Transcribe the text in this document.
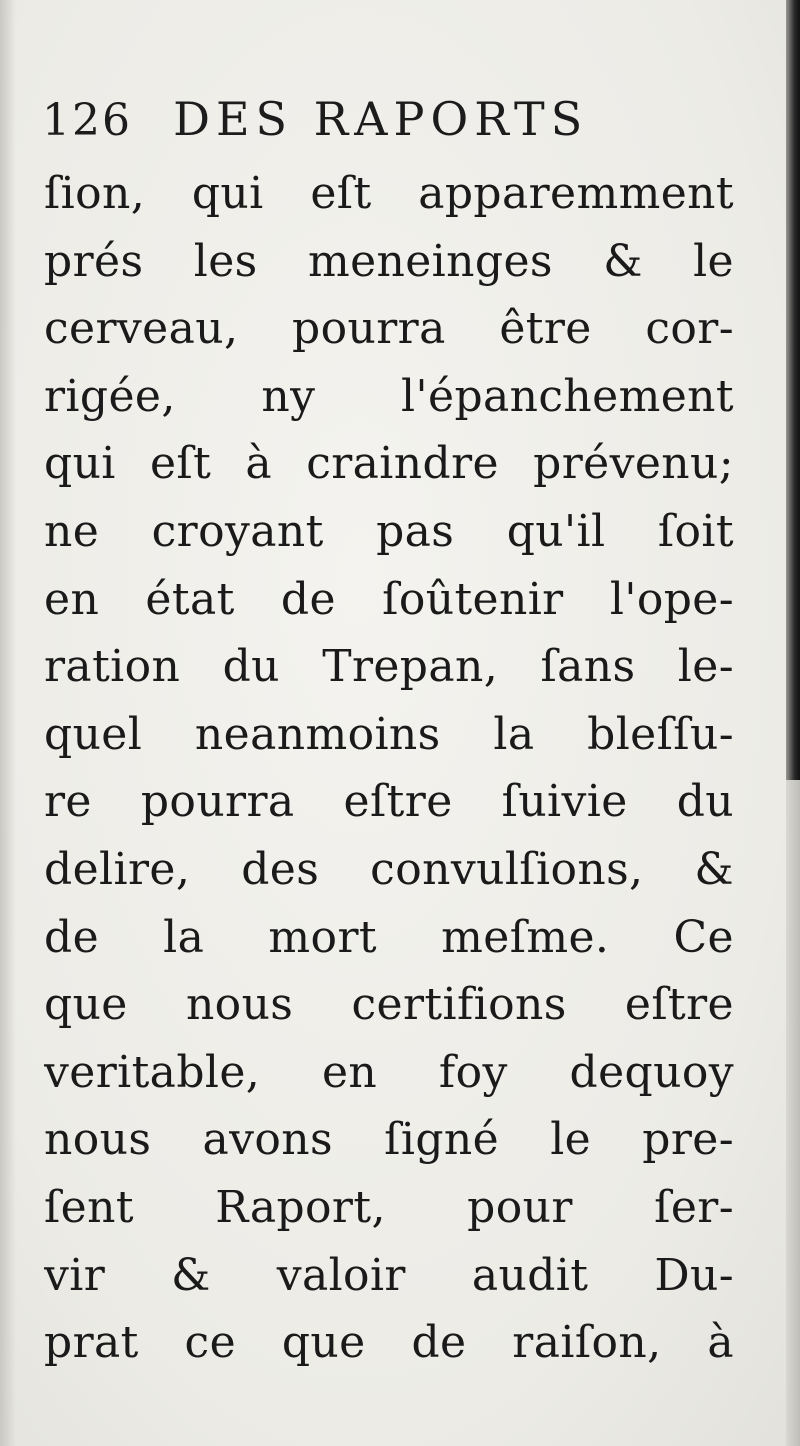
126 DES RAPORTS
ſion, qui eſt apparemment
prés les meneinges & le
cerveau, pourra être cor-
rigée, ny l'épanchement
qui eſt à craindre prévenu;
ne croyant pas qu'il ſoit
en état de ſoûtenir l'ope-
ration du Trepan, ſans le-
quel neanmoins la bleſſu-
re pourra eſtre ſuivie du
delire, des convulſions, &
de la mort meſme. Ce
que nous certifions eſtre
veritable, en foy dequoy
nous avons ſigné le pre-
ſent Raport, pour ſer-
vir & valoir audit Du-
prat ce que de raiſon, à
